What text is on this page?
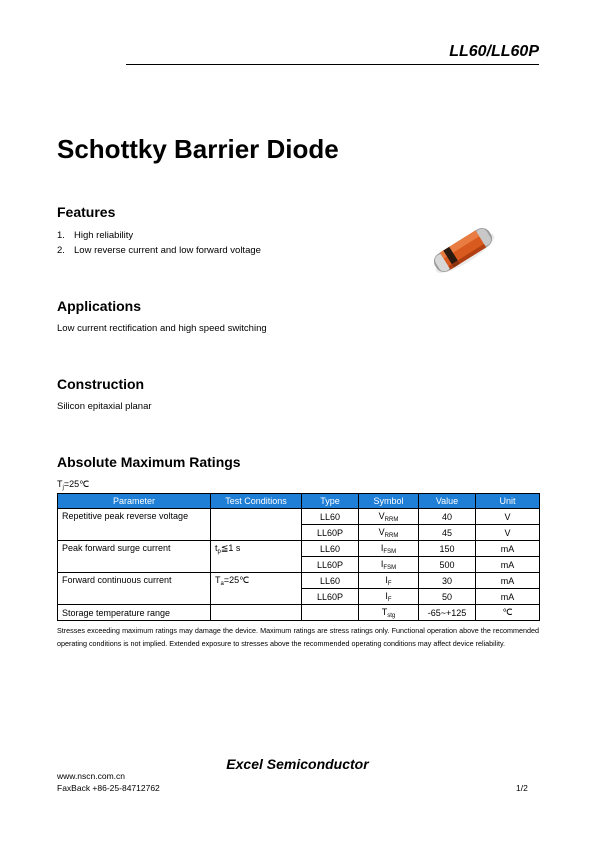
LL60/LL60P
Schottky Barrier Diode
Features
1. High reliability
2. Low reverse current and low forward voltage
Applications
Low current rectification and high speed switching
Construction
Silicon epitaxial planar
Absolute Maximum Ratings
$T_j=25℃$
Parameter	Test Conditions	Type	Symbol	Value	Unit
Repetitive peak reverse voltage		LL60	$V_{RRM}$	40	V
		LL60P	$V_{RRM}$	45	V
Peak forward surge current	$t_p≦1$ s	LL60	$I_{FSM}$	150	mA
		LL60P	$I_{FSM}$	500	mA
Forward continuous current	$T_a=25℃$	LL60	$I_F$	30	mA
		LL60P	$I_F$	50	mA
Storage temperature range			$T_{stg}$	-65~+125	℃
Stresses exceeding maximum ratings may damage the device. Maximum ratings are stress ratings only. Functional operation above the recommended operating conditions is not implied. Extended exposure to stresses above the recommended operating conditions may affect device reliability.
Excel Semiconductor
www.nscn.com.cn
FaxBack +86-25-84712762	1/2
